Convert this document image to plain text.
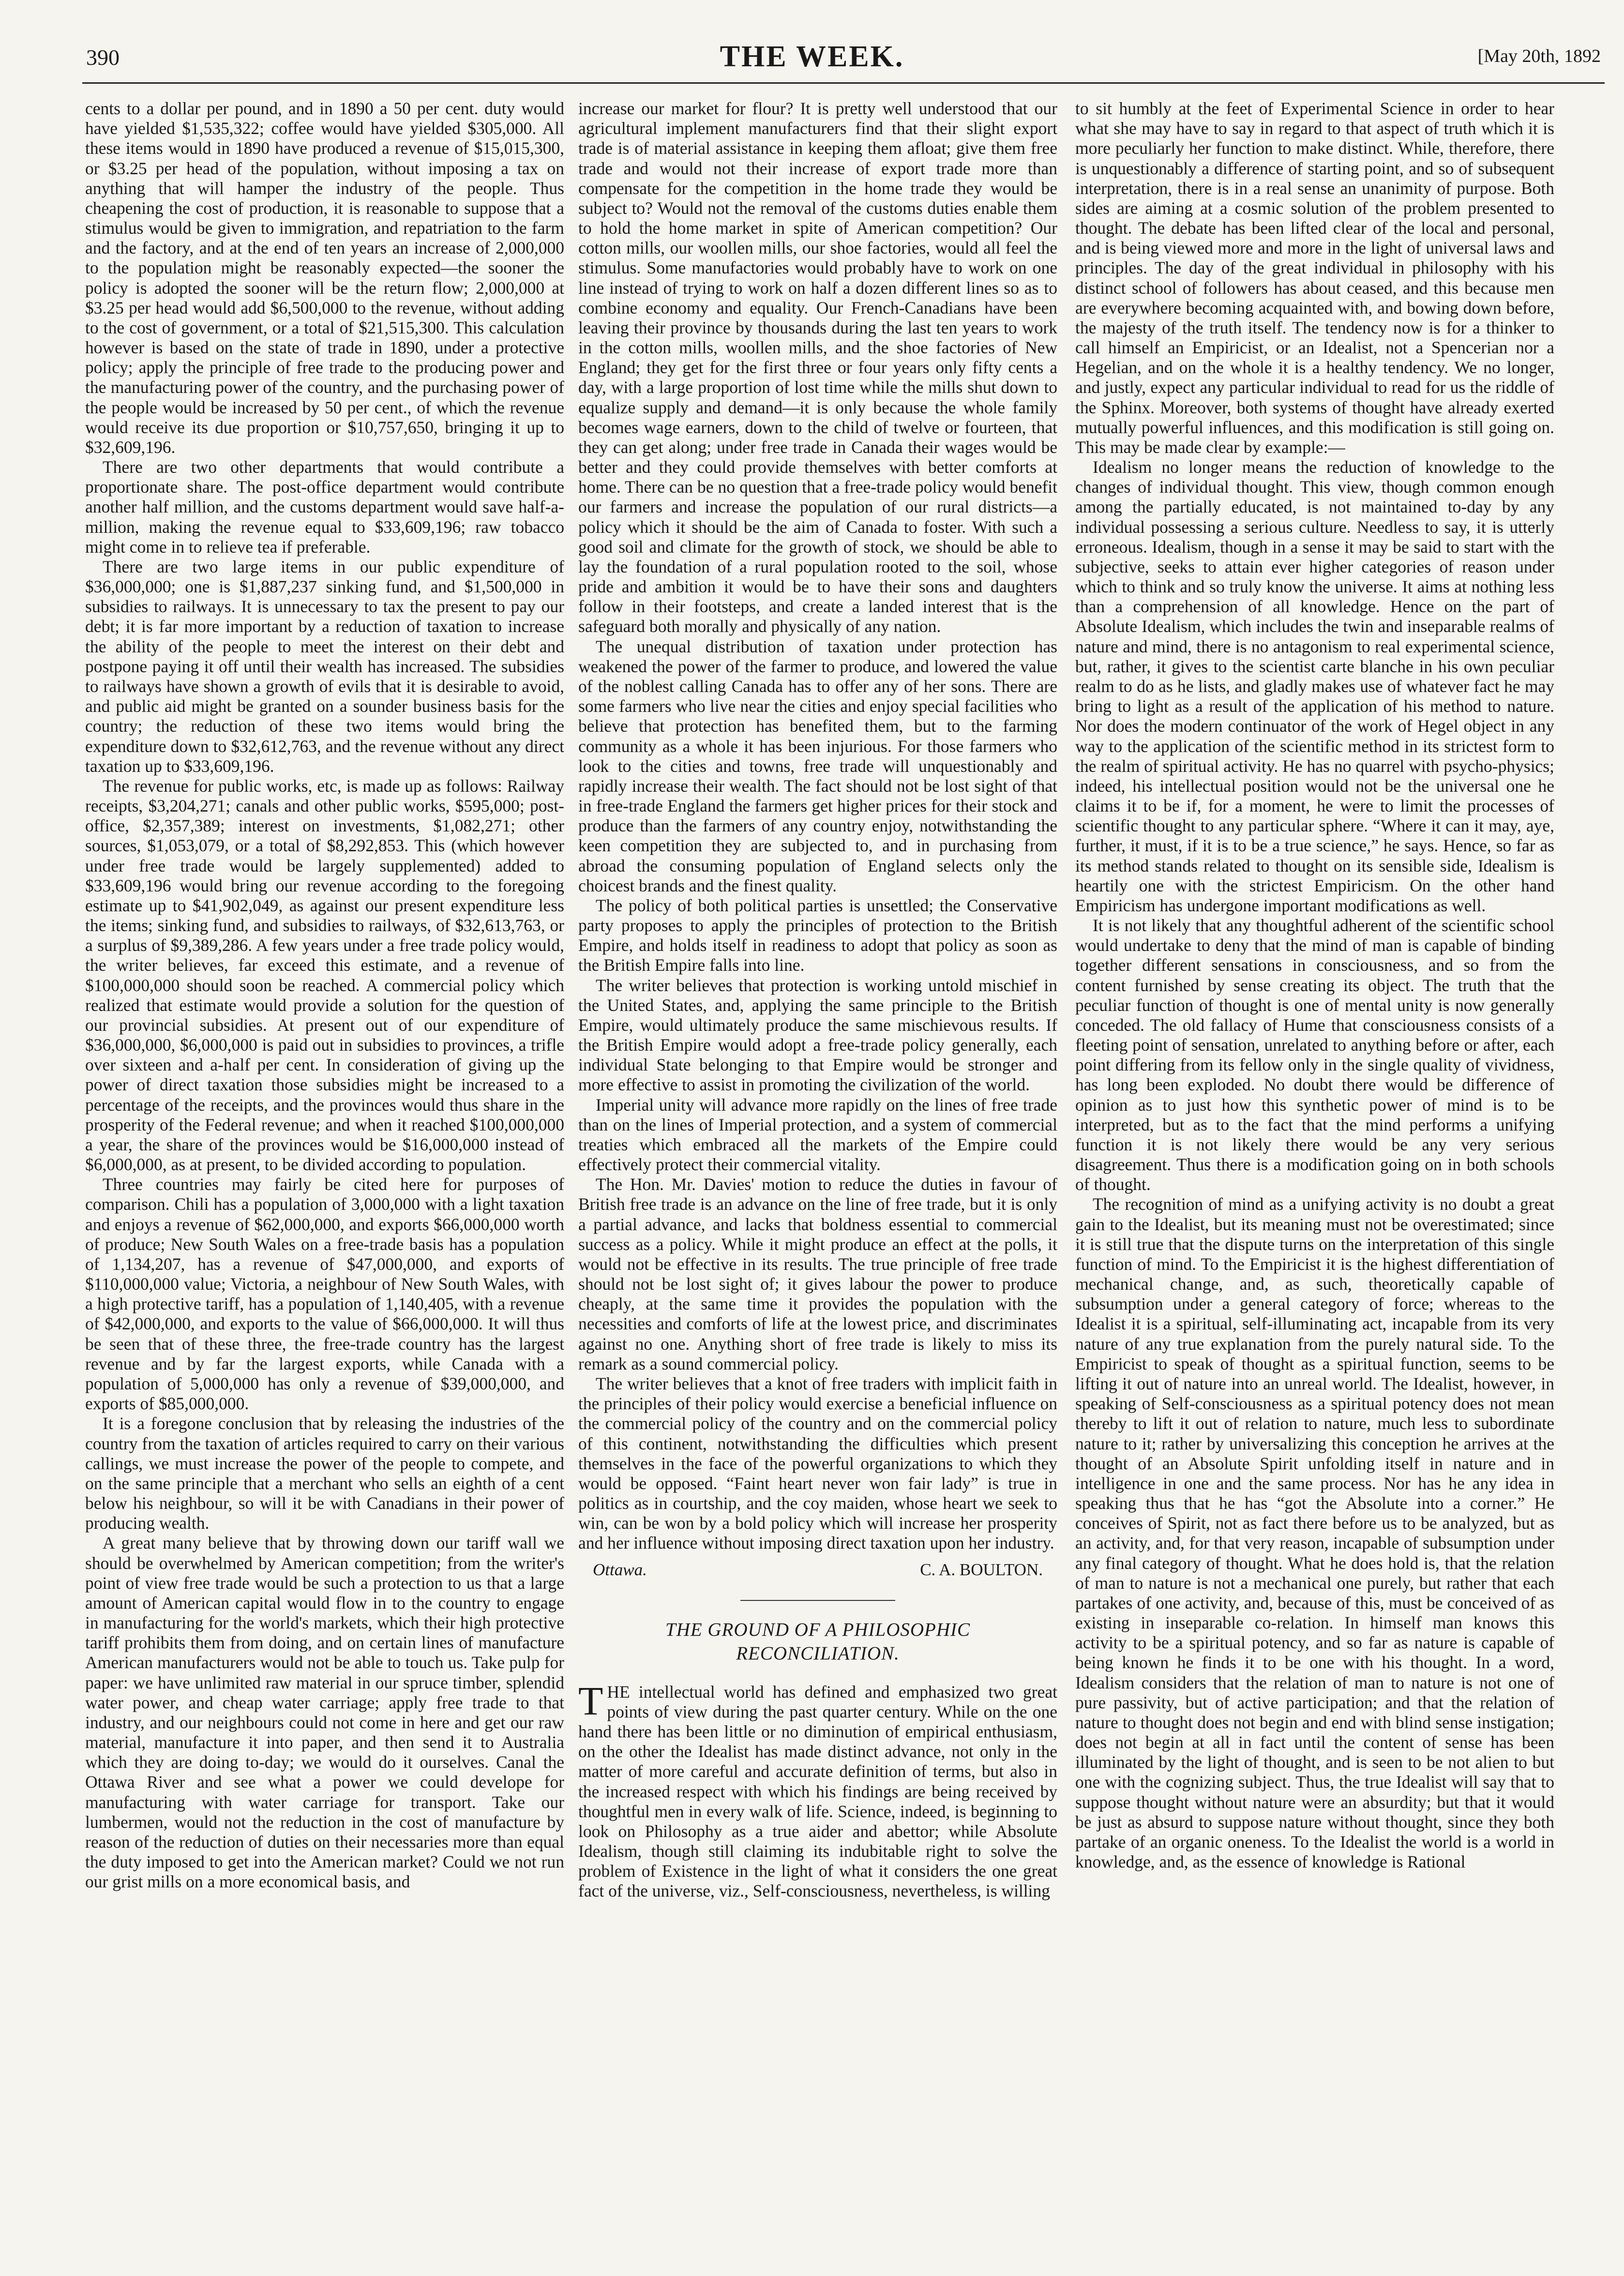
390	THE WEEK.	[May 20th, 1892

cents to a dollar per pound, and in 1890 a 50 per cent. duty would have yielded $1,535,322; coffee would have yielded $305,000. All these items would in 1890 have produced a revenue of $15,015,300, or $3.25 per head of the population, without imposing a tax on anything that will hamper the industry of the people. Thus cheapening the cost of production, it is reasonable to suppose that a stimulus would be given to immigration, and repatriation to the farm and the factory, and at the end of ten years an increase of 2,000,000 to the population might be reasonably expected—the sooner the policy is adopted the sooner will be the return flow; 2,000,000 at $3.25 per head would add $6,500,000 to the revenue, without adding to the cost of government, or a total of $21,515,300. This calculation however is based on the state of trade in 1890, under a protective policy; apply the principle of free trade to the producing power and the manufacturing power of the country, and the purchasing power of the people would be increased by 50 per cent., of which the revenue would receive its due proportion or $10,757,650, bringing it up to $32,609,196.

There are two other departments that would contribute a proportionate share. The post-office department would contribute another half million, and the customs department would save half-a-million, making the revenue equal to $33,609,196; raw tobacco might come in to relieve tea if preferable.

There are two large items in our public expenditure of $36,000,000; one is $1,887,237 sinking fund, and $1,500,000 in subsidies to railways. It is unnecessary to tax the present to pay our debt; it is far more important by a reduction of taxation to increase the ability of the people to meet the interest on their debt and postpone paying it off until their wealth has increased. The subsidies to railways have shown a growth of evils that it is desirable to avoid, and public aid might be granted on a sounder business basis for the country; the reduction of these two items would bring the expenditure down to $32,612,763, and the revenue without any direct taxation up to $33,609,196.

The revenue for public works, etc, is made up as follows: Railway receipts, $3,204,271; canals and other public works, $595,000; post-office, $2,357,389; interest on investments, $1,082,271; other sources, $1,053,079, or a total of $8,292,853. This (which however under free trade would be largely supplemented) added to $33,609,196 would bring our revenue according to the foregoing estimate up to $41,902,049, as against our present expenditure less the items; sinking fund, and subsidies to railways, of $32,613,763, or a surplus of $9,389,286. A few years under a free trade policy would, the writer believes, far exceed this estimate, and a revenue of $100,000,000 should soon be reached. A commercial policy which realized that estimate would provide a solution for the question of our provincial subsidies. At present out of our expenditure of $36,000,000, $6,000,000 is paid out in subsidies to provinces, a trifle over sixteen and a-half per cent. In consideration of giving up the power of direct taxation those subsidies might be increased to a percentage of the receipts, and the provinces would thus share in the prosperity of the Federal revenue; and when it reached $100,000,000 a year, the share of the provinces would be $16,000,000 instead of $6,000,000, as at present, to be divided according to population.

Three countries may fairly be cited here for purposes of comparison. Chili has a population of 3,000,000 with a light taxation and enjoys a revenue of $62,000,000, and exports $66,000,000 worth of produce; New South Wales on a free-trade basis has a population of 1,134,207, has a revenue of $47,000,000, and exports of $110,000,000 value; Victoria, a neighbour of New South Wales, with a high protective tariff, has a population of 1,140,405, with a revenue of $42,000,000, and exports to the value of $66,000,000. It will thus be seen that of these three, the free-trade country has the largest revenue and by far the largest exports, while Canada with a population of 5,000,000 has only a revenue of $39,000,000, and exports of $85,000,000.

It is a foregone conclusion that by releasing the industries of the country from the taxation of articles required to carry on their various callings, we must increase the power of the people to compete, and on the same principle that a merchant who sells an eighth of a cent below his neighbour, so will it be with Canadians in their power of producing wealth.

A great many believe that by throwing down our tariff wall we should be overwhelmed by American competition; from the writer's point of view free trade would be such a protection to us that a large amount of American capital would flow in to the country to engage in manufacturing for the world's markets, which their high protective tariff prohibits them from doing, and on certain lines of manufacture American manufacturers would not be able to touch us. Take pulp for paper: we have unlimited raw material in our spruce timber, splendid water power, and cheap water carriage; apply free trade to that industry, and our neighbours could not come in here and get our raw material, manufacture it into paper, and then send it to Australia which they are doing to-day; we would do it ourselves. Canal the Ottawa River and see what a power we could develope for manufacturing with water carriage for transport. Take our lumbermen, would not the reduction in the cost of manufacture by reason of the reduction of duties on their necessaries more than equal the duty imposed to get into the American market? Could we not run our grist mills on a more economical basis, and

increase our market for flour? It is pretty well understood that our agricultural implement manufacturers find that their slight export trade is of material assistance in keeping them afloat; give them free trade and would not their increase of export trade more than compensate for the competition in the home trade they would be subject to? Would not the removal of the customs duties enable them to hold the home market in spite of American competition? Our cotton mills, our woollen mills, our shoe factories, would all feel the stimulus. Some manufactories would probably have to work on one line instead of trying to work on half a dozen different lines so as to combine economy and equality. Our French-Canadians have been leaving their province by thousands during the last ten years to work in the cotton mills, woollen mills, and the shoe factories of New England; they get for the first three or four years only fifty cents a day, with a large proportion of lost time while the mills shut down to equalize supply and demand—it is only because the whole family becomes wage earners, down to the child of twelve or fourteen, that they can get along; under free trade in Canada their wages would be better and they could provide themselves with better comforts at home. There can be no question that a free-trade policy would benefit our farmers and increase the population of our rural districts—a policy which it should be the aim of Canada to foster. With such a good soil and climate for the growth of stock, we should be able to lay the foundation of a rural population rooted to the soil, whose pride and ambition it would be to have their sons and daughters follow in their footsteps, and create a landed interest that is the safeguard both morally and physically of any nation.

The unequal distribution of taxation under protection has weakened the power of the farmer to produce, and lowered the value of the noblest calling Canada has to offer any of her sons. There are some farmers who live near the cities and enjoy special facilities who believe that protection has benefited them, but to the farming community as a whole it has been injurious. For those farmers who look to the cities and towns, free trade will unquestionably and rapidly increase their wealth. The fact should not be lost sight of that in free-trade England the farmers get higher prices for their stock and produce than the farmers of any country enjoy, notwithstanding the keen competition they are subjected to, and in purchasing from abroad the consuming population of England selects only the choicest brands and the finest quality.

The policy of both political parties is unsettled; the Conservative party proposes to apply the principles of protection to the British Empire, and holds itself in readiness to adopt that policy as soon as the British Empire falls into line.

The writer believes that protection is working untold mischief in the United States, and, applying the same principle to the British Empire, would ultimately produce the same mischievous results. If the British Empire would adopt a free-trade policy generally, each individual State belonging to that Empire would be stronger and more effective to assist in promoting the civilization of the world.

Imperial unity will advance more rapidly on the lines of free trade than on the lines of Imperial protection, and a system of commercial treaties which embraced all the markets of the Empire could effectively protect their commercial vitality.

The Hon. Mr. Davies' motion to reduce the duties in favour of British free trade is an advance on the line of free trade, but it is only a partial advance, and lacks that boldness essential to commercial success as a policy. While it might produce an effect at the polls, it would not be effective in its results. The true principle of free trade should not be lost sight of; it gives labour the power to produce cheaply, at the same time it provides the population with the necessities and comforts of life at the lowest price, and discriminates against no one. Anything short of free trade is likely to miss its remark as a sound commercial policy.

The writer believes that a knot of free traders with implicit faith in the principles of their policy would exercise a beneficial influence on the commercial policy of the country and on the commercial policy of this continent, notwithstanding the difficulties which present themselves in the face of the powerful organizations to which they would be opposed. “Faint heart never won fair lady” is true in politics as in courtship, and the coy maiden, whose heart we seek to win, can be won by a bold policy which will increase her prosperity and her influence without imposing direct taxation upon her industry.

Ottawa.	C. A. BOULTON.
THE GROUND OF A PHILOSOPHIC RECONCILIATION.

THE intellectual world has defined and emphasized two great points of view during the past quarter century. While on the one hand there has been little or no diminution of empirical enthusiasm, on the other the Idealist has made distinct advance, not only in the matter of more careful and accurate definition of terms, but also in the increased respect with which his findings are being received by thoughtful men in every walk of life. Science, indeed, is beginning to look on Philosophy as a true aider and abettor; while Absolute Idealism, though still claiming its indubitable right to solve the problem of Existence in the light of what it considers the one great fact of the universe, viz., Self-consciousness, nevertheless, is willing

to sit humbly at the feet of Experimental Science in order to hear what she may have to say in regard to that aspect of truth which it is more peculiarly her function to make distinct. While, therefore, there is unquestionably a difference of starting point, and so of subsequent interpretation, there is in a real sense an unanimity of purpose. Both sides are aiming at a cosmic solution of the problem presented to thought. The debate has been lifted clear of the local and personal, and is being viewed more and more in the light of universal laws and principles. The day of the great individual in philosophy with his distinct school of followers has about ceased, and this because men are everywhere becoming acquainted with, and bowing down before, the majesty of the truth itself. The tendency now is for a thinker to call himself an Empiricist, or an Idealist, not a Spencerian nor a Hegelian, and on the whole it is a healthy tendency. We no longer, and justly, expect any particular individual to read for us the riddle of the Sphinx. Moreover, both systems of thought have already exerted mutually powerful influences, and this modification is still going on. This may be made clear by example:—

Idealism no longer means the reduction of knowledge to the changes of individual thought. This view, though common enough among the partially educated, is not maintained to-day by any individual possessing a serious culture. Needless to say, it is utterly erroneous. Idealism, though in a sense it may be said to start with the subjective, seeks to attain ever higher categories of reason under which to think and so truly know the universe. It aims at nothing less than a comprehension of all knowledge. Hence on the part of Absolute Idealism, which includes the twin and inseparable realms of nature and mind, there is no antagonism to real experimental science, but, rather, it gives to the scientist carte blanche in his own peculiar realm to do as he lists, and gladly makes use of whatever fact he may bring to light as a result of the application of his method to nature. Nor does the modern continuator of the work of Hegel object in any way to the application of the scientific method in its strictest form to the realm of spiritual activity. He has no quarrel with psycho-physics; indeed, his intellectual position would not be the universal one he claims it to be if, for a moment, he were to limit the processes of scientific thought to any particular sphere. “Where it can it may, aye, further, it must, if it is to be a true science,” he says. Hence, so far as its method stands related to thought on its sensible side, Idealism is heartily one with the strictest Empiricism. On the other hand Empiricism has undergone important modifications as well.

It is not likely that any thoughtful adherent of the scientific school would undertake to deny that the mind of man is capable of binding together different sensations in consciousness, and so from the content furnished by sense creating its object. The truth that the peculiar function of thought is one of mental unity is now generally conceded. The old fallacy of Hume that consciousness consists of a fleeting point of sensation, unrelated to anything before or after, each point differing from its fellow only in the single quality of vividness, has long been exploded. No doubt there would be difference of opinion as to just how this synthetic power of mind is to be interpreted, but as to the fact that the mind performs a unifying function it is not likely there would be any very serious disagreement. Thus there is a modification going on in both schools of thought.

The recognition of mind as a unifying activity is no doubt a great gain to the Idealist, but its meaning must not be overestimated; since it is still true that the dispute turns on the interpretation of this single function of mind. To the Empiricist it is the highest differentiation of mechanical change, and, as such, theoretically capable of subsumption under a general category of force; whereas to the Idealist it is a spiritual, self-illuminating act, incapable from its very nature of any true explanation from the purely natural side. To the Empiricist to speak of thought as a spiritual function, seems to be lifting it out of nature into an unreal world. The Idealist, however, in speaking of Self-consciousness as a spiritual potency does not mean thereby to lift it out of relation to nature, much less to subordinate nature to it; rather by universalizing this conception he arrives at the thought of an Absolute Spirit unfolding itself in nature and in intelligence in one and the same process. Nor has he any idea in speaking thus that he has “got the Absolute into a corner.” He conceives of Spirit, not as fact there before us to be analyzed, but as an activity, and, for that very reason, incapable of subsumption under any final category of thought. What he does hold is, that the relation of man to nature is not a mechanical one purely, but rather that each partakes of one activity, and, because of this, must be conceived of as existing in inseparable co-relation. In himself man knows this activity to be a spiritual potency, and so far as nature is capable of being known he finds it to be one with his thought. In a word, Idealism considers that the relation of man to nature is not one of pure passivity, but of active participation; and that the relation of nature to thought does not begin and end with blind sense instigation; does not begin at all in fact until the content of sense has been illuminated by the light of thought, and is seen to be not alien to but one with the cognizing subject. Thus, the true Idealist will say that to suppose thought without nature were an absurdity; but that it would be just as absurd to suppose nature without thought, since they both partake of an organic oneness. To the Idealist the world is a world in knowledge, and, as the essence of knowledge is Rational
